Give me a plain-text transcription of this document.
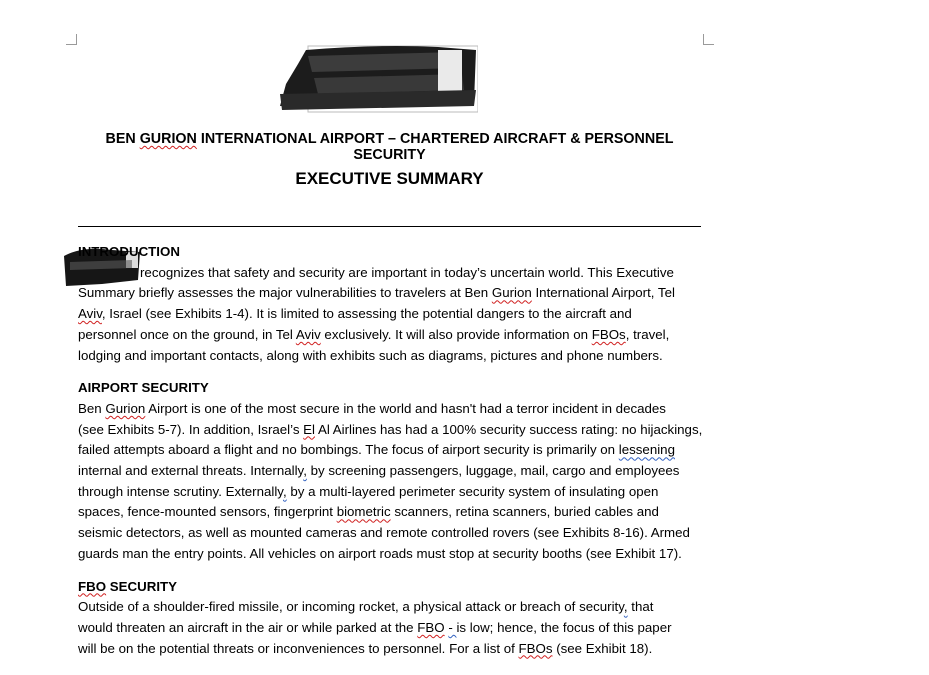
BEN GURION INTERNATIONAL AIRPORT – CHARTERED AIRCRAFT & PERSONNEL SECURITY
EXECUTIVE SUMMARY
INTRODUCTION
recognizes that safety and security are important in today’s uncertain world. This Executive
Summary briefly assesses the major vulnerabilities to travelers at Ben Gurion International Airport, Tel
Aviv, Israel (see Exhibits 1-4). It is limited to assessing the potential dangers to the aircraft and
personnel once on the ground, in Tel Aviv exclusively. It will also provide information on FBOs, travel,
lodging and important contacts, along with exhibits such as diagrams, pictures and phone numbers.
AIRPORT SECURITY
Ben Gurion Airport is one of the most secure in the world and hasn't had a terror incident in decades
(see Exhibits 5-7). In addition, Israel’s El Al Airlines has had a 100% security success rating: no hijackings,
failed attempts aboard a flight and no bombings. The focus of airport security is primarily on lessening
internal and external threats. Internally, by screening passengers, luggage, mail, cargo and employees
through intense scrutiny. Externally, by a multi-layered perimeter security system of insulating open
spaces, fence-mounted sensors, fingerprint biometric scanners, retina scanners, buried cables and
seismic detectors, as well as mounted cameras and remote controlled rovers (see Exhibits 8-16). Armed
guards man the entry points. All vehicles on airport roads must stop at security booths (see Exhibit 17).
FBO SECURITY
Outside of a shoulder-fired missile, or incoming rocket, a physical attack or breach of security, that
would threaten an aircraft in the air or while parked at the FBO - is low; hence, the focus of this paper
will be on the potential threats or inconveniences to personnel. For a list of FBOs (see Exhibit 18).
